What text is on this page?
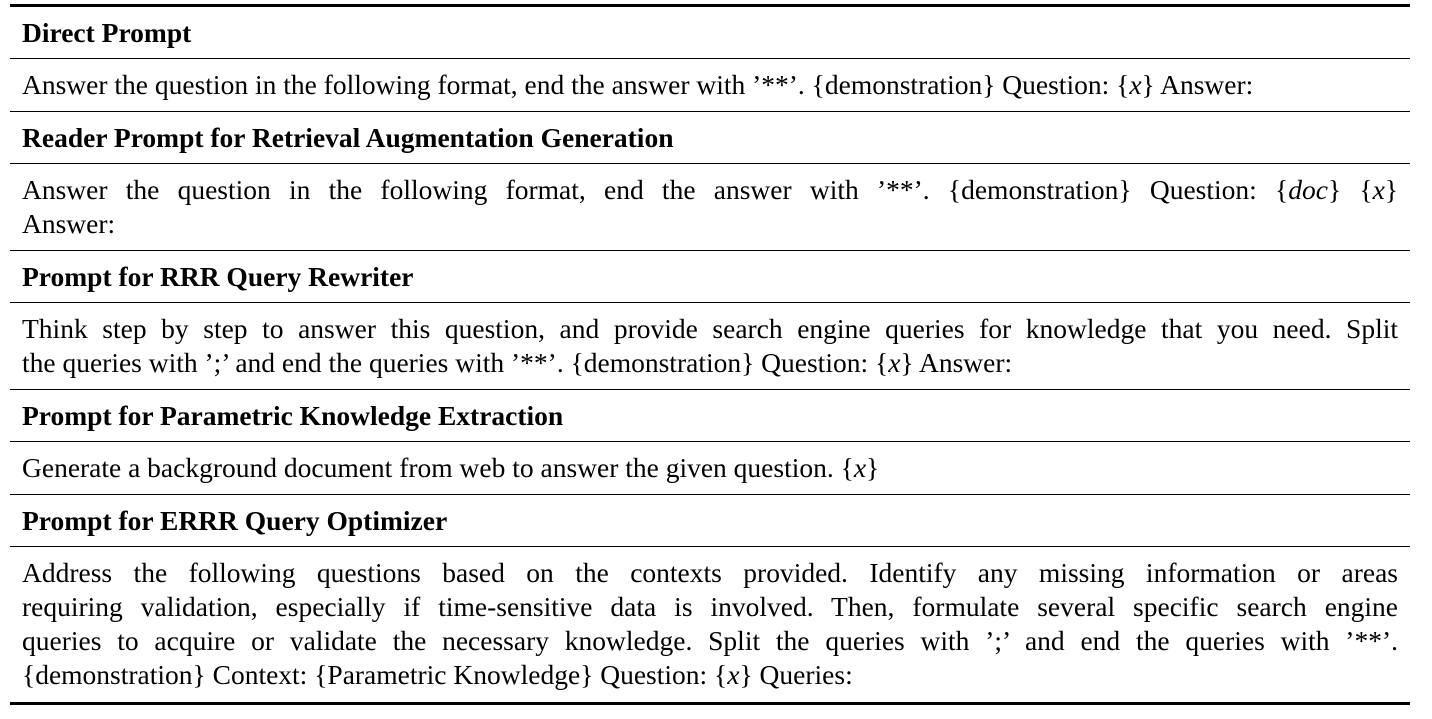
Direct Prompt
Answer the question in the following format, end the answer with ’**’. {demonstration} Question: {x} Answer:
Reader Prompt for Retrieval Augmentation Generation
Answer the question in the following format, end the answer with ’**’. {demonstration} Question: {doc} {x}
Answer:
Prompt for RRR Query Rewriter
Think step by step to answer this question, and provide search engine queries for knowledge that you need. Split
the queries with ’;’ and end the queries with ’**’. {demonstration} Question: {x} Answer:
Prompt for Parametric Knowledge Extraction
Generate a background document from web to answer the given question. {x}
Prompt for ERRR Query Optimizer
Address the following questions based on the contexts provided. Identify any missing information or areas
requiring validation, especially if time-sensitive data is involved. Then, formulate several specific search engine
queries to acquire or validate the necessary knowledge. Split the queries with ’;’ and end the queries with ’**’.
{demonstration} Context: {Parametric Knowledge} Question: {x} Queries:
